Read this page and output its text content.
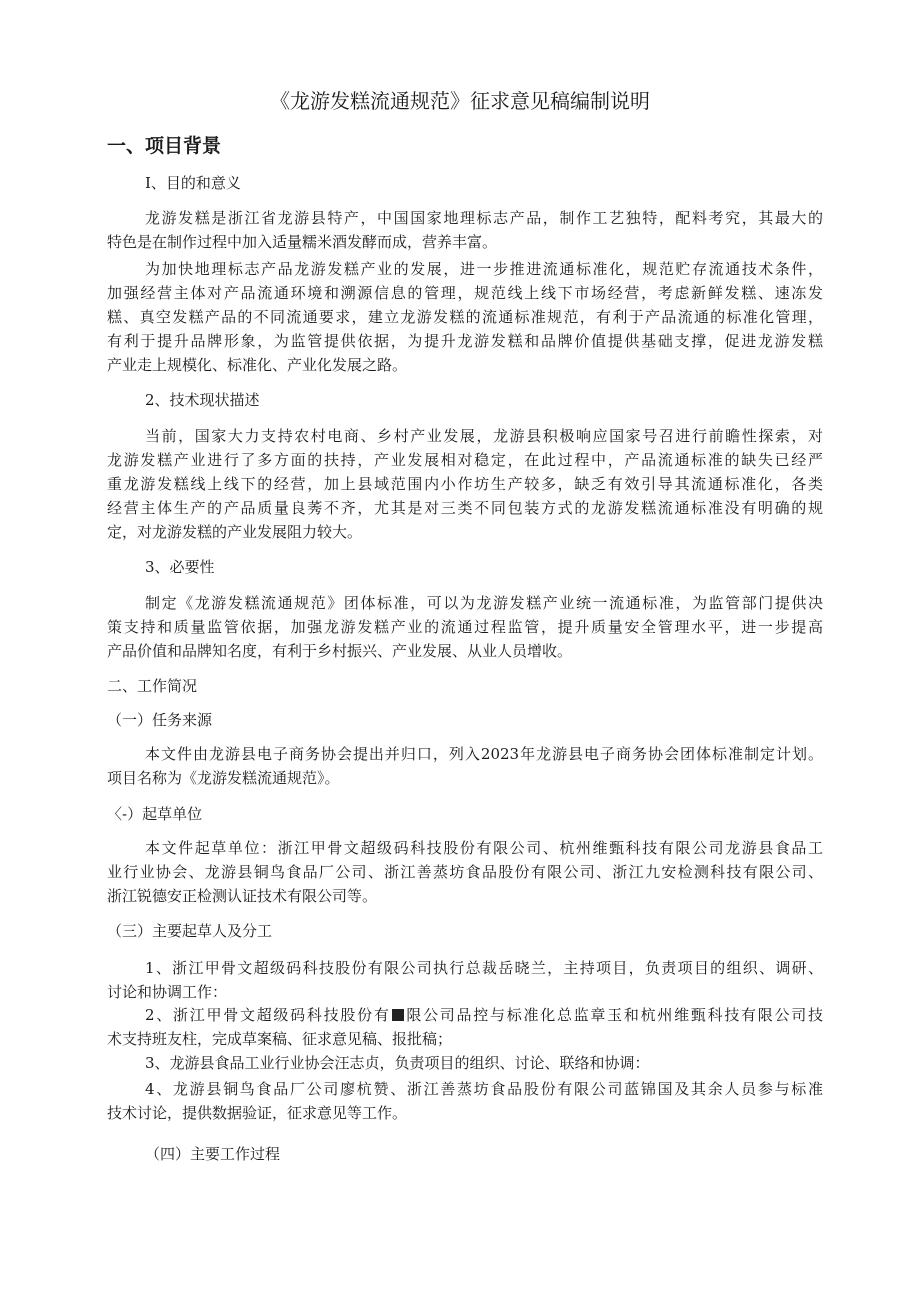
《龙游发糕流通规范》征求意见稿编制说明
一、项目背景
I、目的和意义
龙游发糕是浙江省龙游县特产，中国国家地理标志产品，制作工艺独特，配料考究，其最大的
特色是在制作过程中加入适量糯米酒发酵而成，营养丰富。
为加快地理标志产品龙游发糕产业的发展，进一步推进流通标准化，规范贮存流通技术条件，
加强经营主体对产品流通环境和溯源信息的管理，规范线上线下市场经营，考虑新鲜发糕、速冻发
糕、真空发糕产品的不同流通要求，建立龙游发糕的流通标准规范，有利于产品流通的标准化管理，
有利于提升品牌形象，为监管提供依据，为提升龙游发糕和品牌价值提供基础支撑，促进龙游发糕
产业走上规模化、标准化、产业化发展之路。
2、技术现状描述
当前，国家大力支持农村电商、乡村产业发展，龙游县积极响应国家号召进行前瞻性探索，对
龙游发糕产业进行了多方面的扶持，产业发展相对稳定，在此过程中，产品流通标准的缺失已经严
重龙游发糕线上线下的经营，加上县域范围内小作坊生产较多，缺乏有效引导其流通标准化，各类
经营主体生产的产品质量良莠不齐，尤其是对三类不同包装方式的龙游发糕流通标准没有明确的规
定，对龙游发糕的产业发展阻力较大。
3、必要性
制定《龙游发糕流通规范》团体标准，可以为龙游发糕产业统一流通标准，为监管部门提供决
策支持和质量监管依据，加强龙游发糕产业的流通过程监管，提升质量安全管理水平，进一步提高
产品价值和品牌知名度，有利于乡村振兴、产业发展、从业人员增收。
二、工作简况
（一）任务来源
本文件由龙游县电子商务协会提出并归口，列入2023年龙游县电子商务协会团体标准制定计划。
项目名称为《龙游发糕流通规范》。
〈-）起草单位
本文件起草单位：浙江甲骨文超级码科技股份有限公司、杭州维甄科技有限公司龙游县食品工
业行业协会、龙游县铜鸟食品厂公司、浙江善蒸坊食品股份有限公司、浙江九安检测科技有限公司、
浙江锐德安正检测认证技术有限公司等。
（三）主要起草人及分工
1、浙江甲骨文超级码科技股份有限公司执行总裁岳晓兰，主持项目，负责项目的组织、调研、
讨论和协调工作：
2、浙江甲骨文超级码科技股份有 限公司品控与标准化总监章玉和杭州维甄科技有限公司技
术支持班友柱，完成草案稿、征求意见稿、报批稿；
3、龙游县食品工业行业协会汪志贞，负责项目的组织、讨论、联络和协调：
4、龙游县铜鸟食品厂公司廖杭赞、浙江善蒸坊食品股份有限公司蓝锦国及其余人员参与标准
技术讨论，提供数据验证，征求意见等工作。
（四）主要工作过程
